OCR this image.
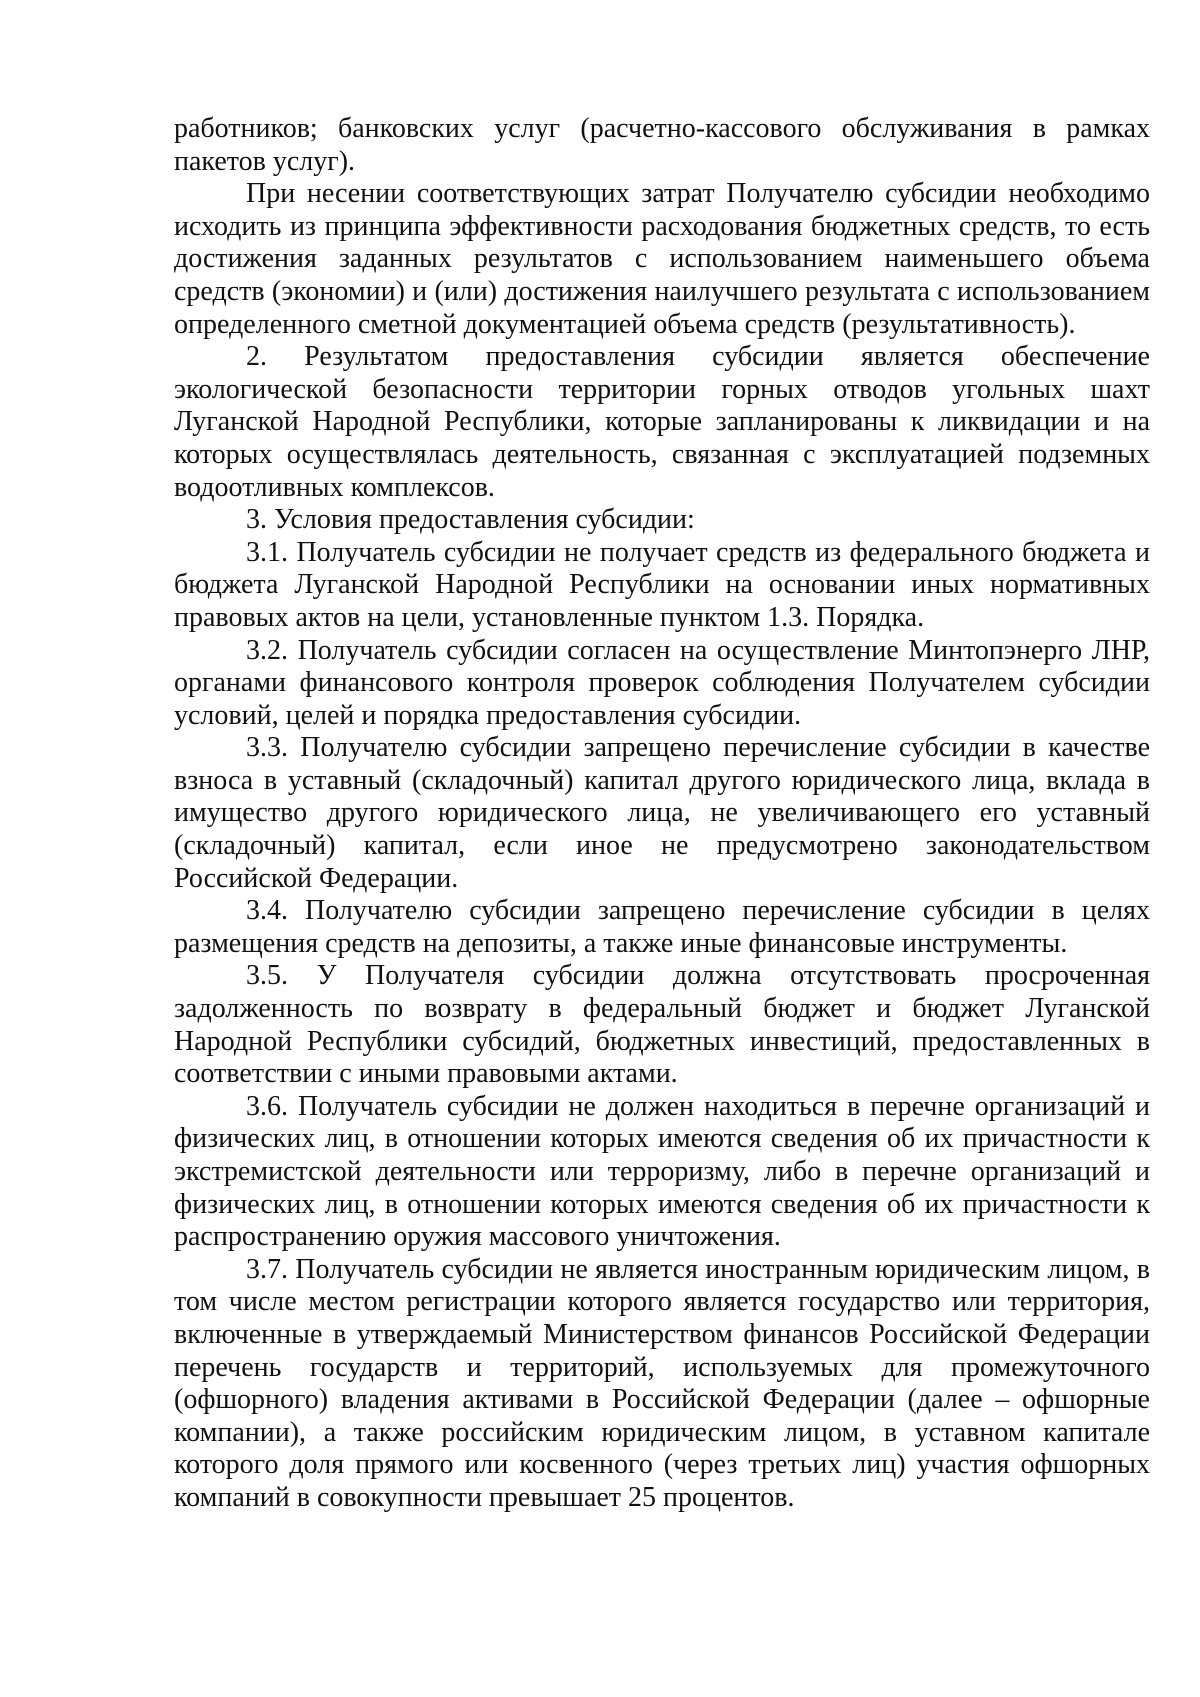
работников; банковских услуг (расчетно-кассового обслуживания в рамках пакетов услуг).

При несении соответствующих затрат Получателю субсидии необходимо исходить из принципа эффективности расходования бюджетных средств, то есть достижения заданных результатов с использованием наименьшего объема средств (экономии) и (или) достижения наилучшего результата с использованием определенного сметной документацией объема средств (результативность).

2. Результатом предоставления субсидии является обеспечение экологической безопасности территории горных отводов угольных шахт Луганской Народной Республики, которые запланированы к ликвидации и на которых осуществлялась деятельность, связанная с эксплуатацией подземных водоотливных комплексов.

3. Условия предоставления субсидии:

3.1. Получатель субсидии не получает средств из федерального бюджета и бюджета Луганской Народной Республики на основании иных нормативных правовых актов на цели, установленные пунктом 1.3. Порядка.

3.2. Получатель субсидии согласен на осуществление Минтопэнерго ЛНР, органами финансового контроля проверок соблюдения Получателем субсидии условий, целей и порядка предоставления субсидии.

3.3. Получателю субсидии запрещено перечисление субсидии в качестве взноса в уставный (складочный) капитал другого юридического лица, вклада в имущество другого юридического лица, не увеличивающего его уставный (складочный) капитал, если иное не предусмотрено законодательством Российской Федерации.

3.4. Получателю субсидии запрещено перечисление субсидии в целях размещения средств на депозиты, а также иные финансовые инструменты.

3.5. У Получателя субсидии должна отсутствовать просроченная задолженность по возврату в федеральный бюджет и бюджет Луганской Народной Республики субсидий, бюджетных инвестиций, предоставленных в соответствии с иными правовыми актами.

3.6. Получатель субсидии не должен находиться в перечне организаций и физических лиц, в отношении которых имеются сведения об их причастности к экстремистской деятельности или терроризму, либо в перечне организаций и физических лиц, в отношении которых имеются сведения об их причастности к распространению оружия массового уничтожения.

3.7. Получатель субсидии не является иностранным юридическим лицом, в том числе местом регистрации которого является государство или территория, включенные в утверждаемый Министерством финансов Российской Федерации перечень государств и территорий, используемых для промежуточного (офшорного) владения активами в Российской Федерации (далее – офшорные компании), а также российским юридическим лицом, в уставном капитале которого доля прямого или косвенного (через третьих лиц) участия офшорных компаний в совокупности превышает 25 процентов.
